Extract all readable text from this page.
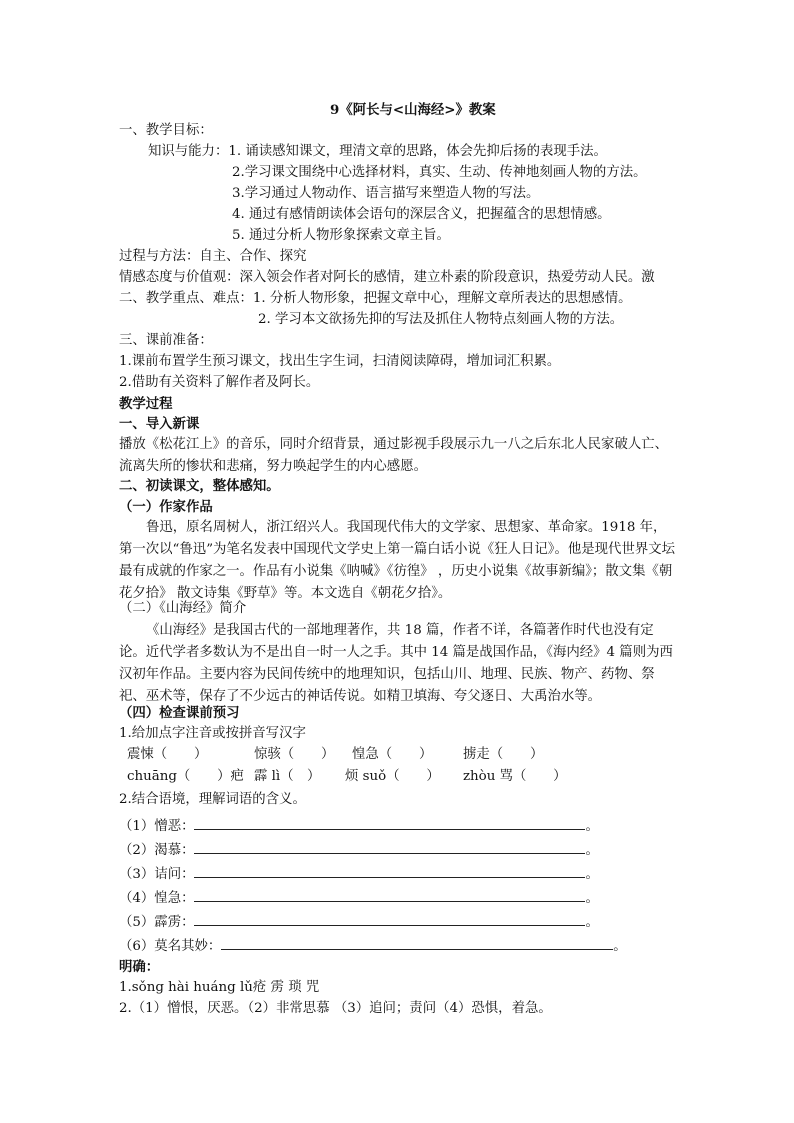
9《阿长与<山海经>》教案
一、教学目标：
知识与能力：1. 诵读感知课文，理清文章的思路，体会先抑后扬的表现手法。
2.学习课文围绕中心选择材料，真实、生动、传神地刻画人物的方法。
3.学习通过人物动作、语言描写来塑造人物的写法。
4. 通过有感情朗读体会语句的深层含义，把握蕴含的思想情感。
5. 通过分析人物形象探索文章主旨。
过程与方法：自主、合作、探究
情感态度与价值观：深入领会作者对阿长的感情，建立朴素的阶段意识，热爱劳动人民。激
二、教学重点、难点：1. 分析人物形象，把握文章中心，理解文章所表达的思想感情。
2. 学习本文欲扬先抑的写法及抓住人物特点刻画人物的方法。
三、课前准备：
1.课前布置学生预习课文，找出生字生词，扫清阅读障碍，增加词汇积累。
2.借助有关资料了解作者及阿长。
教学过程
一、导入新课
播放《松花江上》的音乐，同时介绍背景，通过影视手段展示九一八之后东北人民家破人亡、流离失所的惨状和悲痛，努力唤起学生的内心感愿。
二、初读课文，整体感知。
（一）作家作品
鲁迅，原名周树人，浙江绍兴人。我国现代伟大的文学家、思想家、革命家。1918 年，第一次以“鲁迅”为笔名发表中国现代文学史上第一篇白话小说《狂人日记》。他是现代世界文坛最有成就的作家之一。作品有小说集《呐喊》《彷徨》 ，历史小说集《故事新编》；散文集《朝花夕拾》 散文诗集《野草》等。本文选自《朝花夕拾》。
（二）《山海经》简介
《山海经》是我国古代的一部地理著作，共 18 篇，作者不详，各篇著作时代也没有定论。近代学者多数认为不是出自一时一人之手。其中 14 篇是战国作品，《海内经》4 篇则为西汉初年作品。主要内容为民间传统中的地理知识，包括山川、地理、民族、物产、药物、祭祀、巫术等，保存了不少远古的神话传说。如精卫填海、夸父逐日、大禹治水等。
（四）检查课前预习
1.给加点字注音或按拼音写汉字
震悚（　　）	惊骇（　　） 惶急（　　） 掳走（　　）
chuāng（　　）疤 霹 lì（　） 烦 suǒ（　　） zhòu 骂（　　）
2.结合语境，理解词语的含义。
（1）憎恶：	。
（2）渴慕：	。
（3）诘问：	。
（4）惶急：	。
（5）霹雳：	。
（6）莫名其妙：	。
明确：
1.sǒng hài huáng lǔ疮 雳 琐 咒
2.（1）憎恨，厌恶。（2）非常思慕 （3）追问；责问（4）恐惧，着急。
